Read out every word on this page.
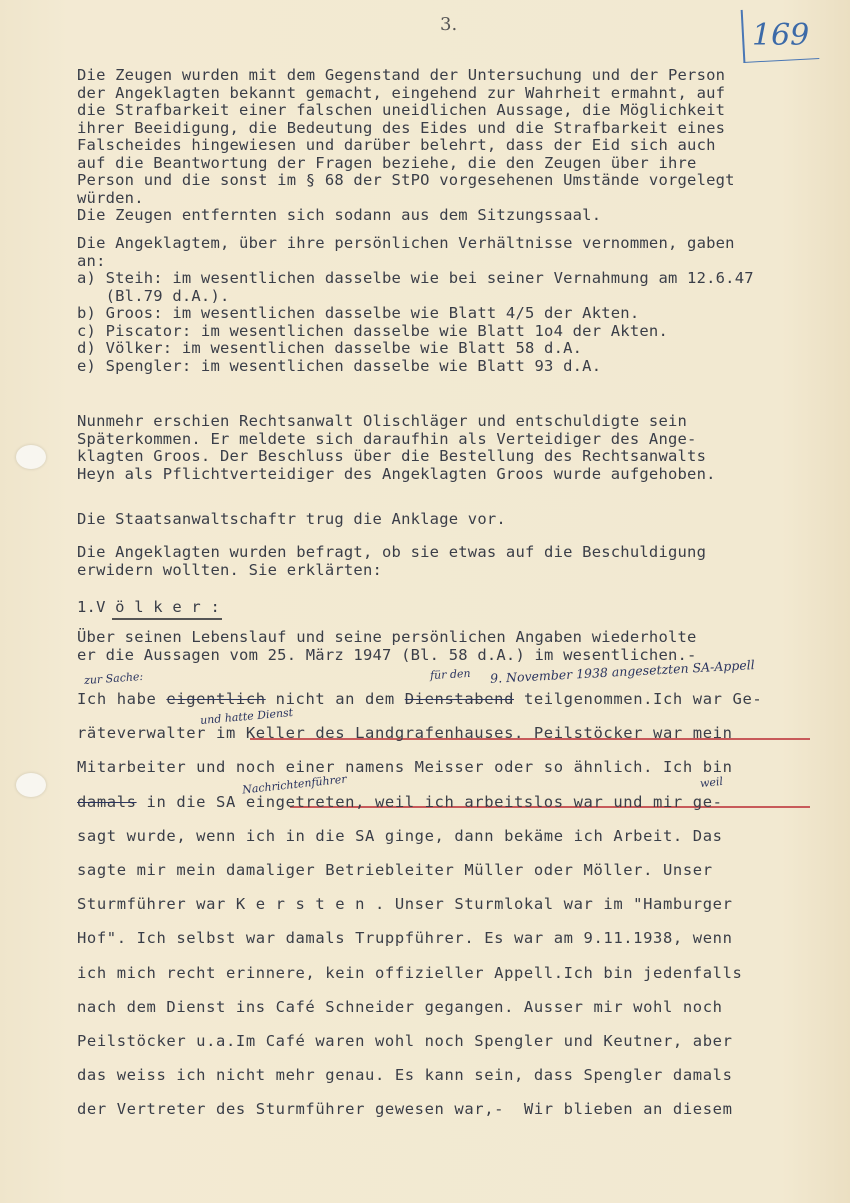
3.	169
Die Zeugen wurden mit dem Gegenstand der Untersuchung und der Person
der Angeklagten bekannt gemacht, eingehend zur Wahrheit ermahnt, auf
die Strafbarkeit einer falschen uneidlichen Aussage, die Möglichkeit
ihrer Beeidigung, die Bedeutung des Eides und die Strafbarkeit eines
Falscheides hingewiesen und darüber belehrt, dass der Eid sich auch
auf die Beantwortung der Fragen beziehe, die den Zeugen über ihre
Person und die sonst im § 68 der StPO vorgesehenen Umstände vorgelegt
würden.
Die Zeugen entfernten sich sodann aus dem Sitzungssaal.
Die Angeklagtem, über ihre persönlichen Verhältnisse vernommen, gaben
an:
a) Steih: im wesentlichen dasselbe wie bei seiner Vernahmung am 12.6.47
(Bl.79 d.A.).
b) Groos: im wesentlichen dasselbe wie Blatt 4/5 der Akten.
c) Piscator: im wesentlichen dasselbe wie Blatt 1o4 der Akten.
d) Völker: im wesentlichen dasselbe wie Blatt 58 d.A.
e) Spengler: im wesentlichen dasselbe wie Blatt 93 d.A.
Nunmehr erschien Rechtsanwalt Olischläger und entschuldigte sein
Späterkommen. Er meldete sich daraufhin als Verteidiger des Ange-
klagten Groos. Der Beschluss über die Bestellung des Rechtsanwalts
Heyn als Pflichtverteidiger des Angeklagten Groos wurde aufgehoben.
Die Staatsanwaltschaftr trug die Anklage vor.
Die Angeklagten wurden befragt, ob sie etwas auf die Beschuldigung
erwidern wollten. Sie erklärten:
1.V ö l k e r :
Über seinen Lebenslauf und seine persönlichen Angaben wiederholte
er die Aussagen vom 25. März 1947 (Bl. 58 d.A.) im wesentlichen.-
zur Sache:	für den 9. November 1938 angesetzten SA-Appell
und hatte Dienst
Nachrichtenführer	weil
Ich habe eigentlich nicht an dem Dienstabend teilgenommen.Ich war Ge-
räteverwalter im Keller des Landgrafenhauses. Peilstöcker war mein
Mitarbeiter und noch einer namens Meisser oder so ähnlich. Ich bin
damals in die SA eingetreten, weil ich arbeitslos war und mir ge-
sagt wurde, wenn ich in die SA ginge, dann bekäme ich Arbeit. Das
sagte mir mein damaliger Betriebleiter Müller oder Möller. Unser
Sturmführer war K e r s t e n . Unser Sturmlokal war im "Hamburger
Hof". Ich selbst war damals Truppführer. Es war am 9.11.1938, wenn
ich mich recht erinnere, kein offizieller Appell.Ich bin jedenfalls
nach dem Dienst ins Café Schneider gegangen. Ausser mir wohl noch
Peilstöcker u.a.Im Café waren wohl noch Spengler und Keutner, aber
das weiss ich nicht mehr genau. Es kann sein, dass Spengler damals
der Vertreter des Sturmführer gewesen war,-  Wir blieben an diesem
